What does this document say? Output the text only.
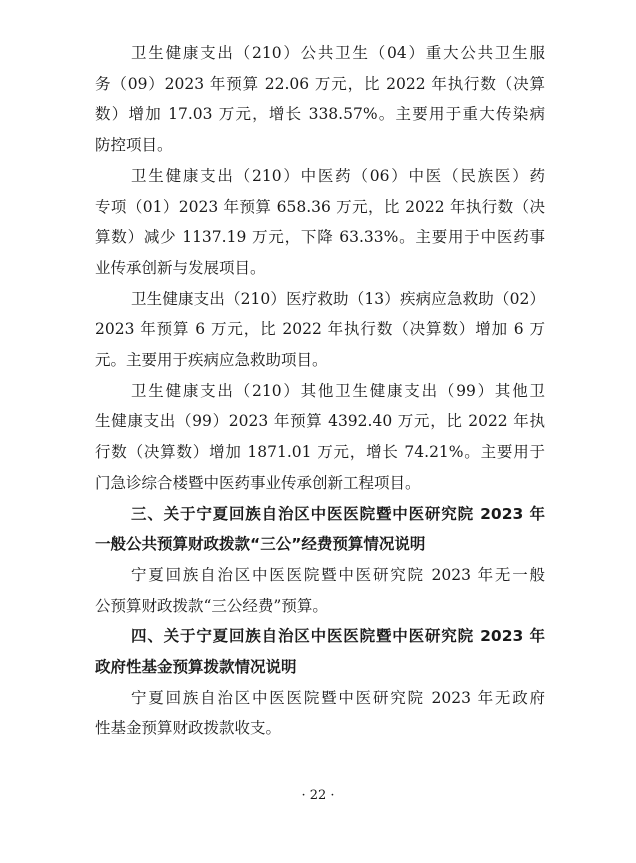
卫生健康支出（210）公共卫生（04）重大公共卫生服
务（09）2023 年预算 22.06 万元，比 2022 年执行数（决算
数）增加 17.03 万元，增长 338.57%。主要用于重大传染病
防控项目。
卫生健康支出（210）中医药（06）中医（民族医）药
专项（01）2023 年预算 658.36 万元，比 2022 年执行数（决
算数）减少 1137.19 万元，下降 63.33%。主要用于中医药事
业传承创新与发展项目。
卫生健康支出（210）医疗救助（13）疾病应急救助（02）
2023 年预算 6 万元，比 2022 年执行数（决算数）增加 6 万
元。主要用于疾病应急救助项目。
卫生健康支出（210）其他卫生健康支出（99）其他卫
生健康支出（99）2023 年预算 4392.40 万元，比 2022 年执
行数（决算数）增加 1871.01 万元，增长 74.21%。主要用于
门急诊综合楼暨中医药事业传承创新工程项目。
三、关于宁夏回族自治区中医医院暨中医研究院 2023 年
一般公共预算财政拨款“三公”经费预算情况说明
宁夏回族自治区中医医院暨中医研究院 2023 年无一般
公预算财政拨款“三公经费”预算。
四、关于宁夏回族自治区中医医院暨中医研究院 2023 年
政府性基金预算拨款情况说明
宁夏回族自治区中医医院暨中医研究院 2023 年无政府
性基金预算财政拨款收支。
· 22 ·
